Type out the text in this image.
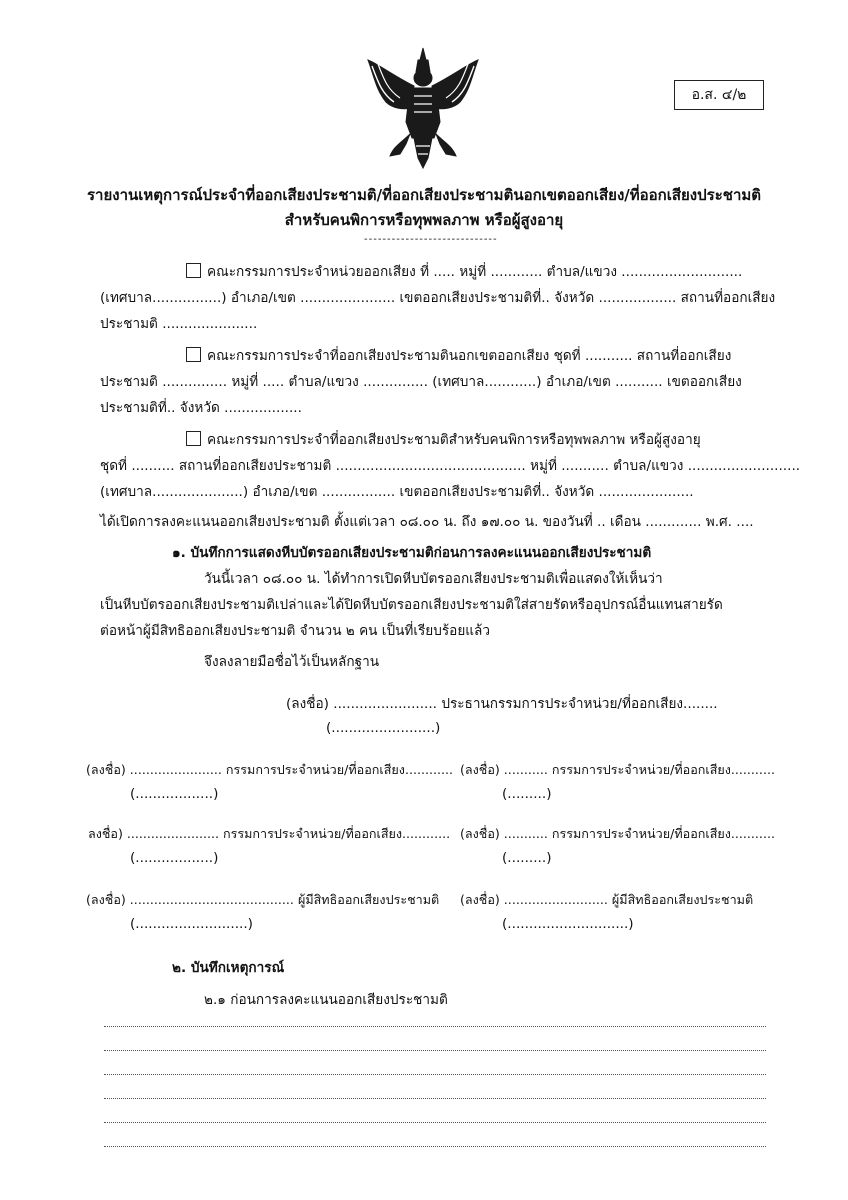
อ.ส. ๔/๒
รายงานเหตุการณ์ประจำที่ออกเสียงประชามติ/ที่ออกเสียงประชามตินอกเขตออกเสียง/ที่ออกเสียงประชามติ
สำหรับคนพิการหรือทุพพลภาพ หรือผู้สูงอายุ
-----------------------------
คณะกรรมการประจำหน่วยออกเสียง ที่ ..... หมู่ที่ ............ ตำบล/แขวง ............................
(เทศบาล................) อำเภอ/เขต ...................... เขตออกเสียงประชามติที่.. จังหวัด .................. สถานที่ออกเสียง
ประชามติ ......................
คณะกรรมการประจำที่ออกเสียงประชามตินอกเขตออกเสียง ชุดที่ ........... สถานที่ออกเสียง
ประชามติ ............... หมู่ที่ ..... ตำบล/แขวง ............... (เทศบาล............) อำเภอ/เขต ........... เขตออกเสียง
ประชามติที่.. จังหวัด ..................
คณะกรรมการประจำที่ออกเสียงประชามติสำหรับคนพิการหรือทุพพลภาพ หรือผู้สูงอายุ
ชุดที่ .......... สถานที่ออกเสียงประชามติ ............................................ หมู่ที่ ........... ตำบล/แขวง ..........................
(เทศบาล.....................) อำเภอ/เขต ................. เขตออกเสียงประชามติที่.. จังหวัด ......................
ได้เปิดการลงคะแนนออกเสียงประชามติ ตั้งแต่เวลา ๐๘.๐๐ น. ถึง ๑๗.๐๐ น. ของวันที่ .. เดือน ............. พ.ศ. ....
๑. บันทึกการแสดงหีบบัตรออกเสียงประชามติก่อนการลงคะแนนออกเสียงประชามติ
วันนี้เวลา ๐๘.๐๐ น. ได้ทำการเปิดหีบบัตรออกเสียงประชามติเพื่อแสดงให้เห็นว่า
เป็นหีบบัตรออกเสียงประชามติเปล่าและได้ปิดหีบบัตรออกเสียงประชามติใส่สายรัดหรืออุปกรณ์อื่นแทนสายรัด
ต่อหน้าผู้มีสิทธิออกเสียงประชามติ จำนวน ๒ คน เป็นที่เรียบร้อยแล้ว
จึงลงลายมือชื่อไว้เป็นหลักฐาน
(ลงชื่อ) ........................ ประธานกรรมการประจำหน่วย/ที่ออกเสียง........
(........................)
(ลงชื่อ) ....................... กรรมการประจำหน่วย/ที่ออกเสียง............
(..................)
(ลงชื่อ) ........... กรรมการประจำหน่วย/ที่ออกเสียง...........
(.........)
ลงชื่อ) ....................... กรรมการประจำหน่วย/ที่ออกเสียง............
(..................)
(ลงชื่อ) ........... กรรมการประจำหน่วย/ที่ออกเสียง...........
(.........)
(ลงชื่อ) ......................................... ผู้มีสิทธิออกเสียงประชามติ
(..........................)
(ลงชื่อ) .......................... ผู้มีสิทธิออกเสียงประชามติ
(............................)
๒. บันทึกเหตุการณ์
๒.๑ ก่อนการลงคะแนนออกเสียงประชามติ
